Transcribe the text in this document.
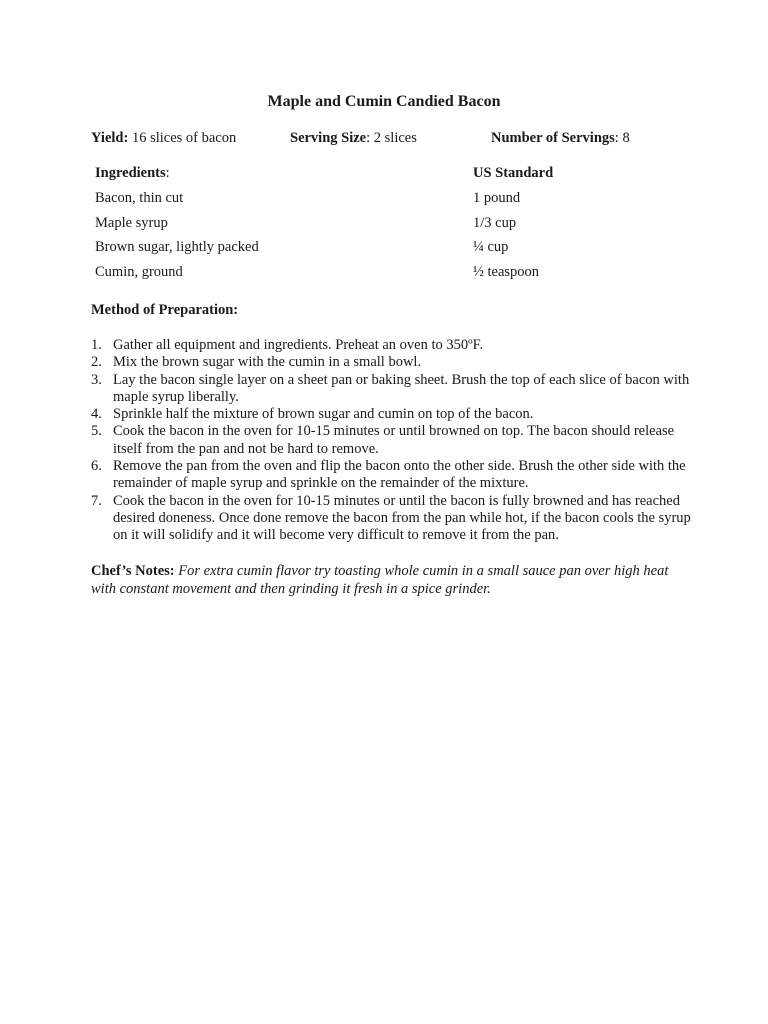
Maple and Cumin Candied Bacon
Yield: 16 slices of bacon	Serving Size: 2 slices	Number of Servings: 8
Ingredients:	US Standard
Bacon, thin cut	1 pound
Maple syrup	1/3 cup
Brown sugar, lightly packed	¼ cup
Cumin, ground	½ teaspoon
Method of Preparation:
1. Gather all equipment and ingredients. Preheat an oven to 350ºF.
2. Mix the brown sugar with the cumin in a small bowl.
3. Lay the bacon single layer on a sheet pan or baking sheet. Brush the top of each slice of bacon with maple syrup liberally.
4. Sprinkle half the mixture of brown sugar and cumin on top of the bacon.
5. Cook the bacon in the oven for 10-15 minutes or until browned on top. The bacon should release itself from the pan and not be hard to remove.
6. Remove the pan from the oven and flip the bacon onto the other side. Brush the other side with the remainder of maple syrup and sprinkle on the remainder of the mixture.
7. Cook the bacon in the oven for 10-15 minutes or until the bacon is fully browned and has reached desired doneness. Once done remove the bacon from the pan while hot, if the bacon cools the syrup on it will solidify and it will become very difficult to remove it from the pan.
Chef’s Notes: For extra cumin flavor try toasting whole cumin in a small sauce pan over high heat with constant movement and then grinding it fresh in a spice grinder.
